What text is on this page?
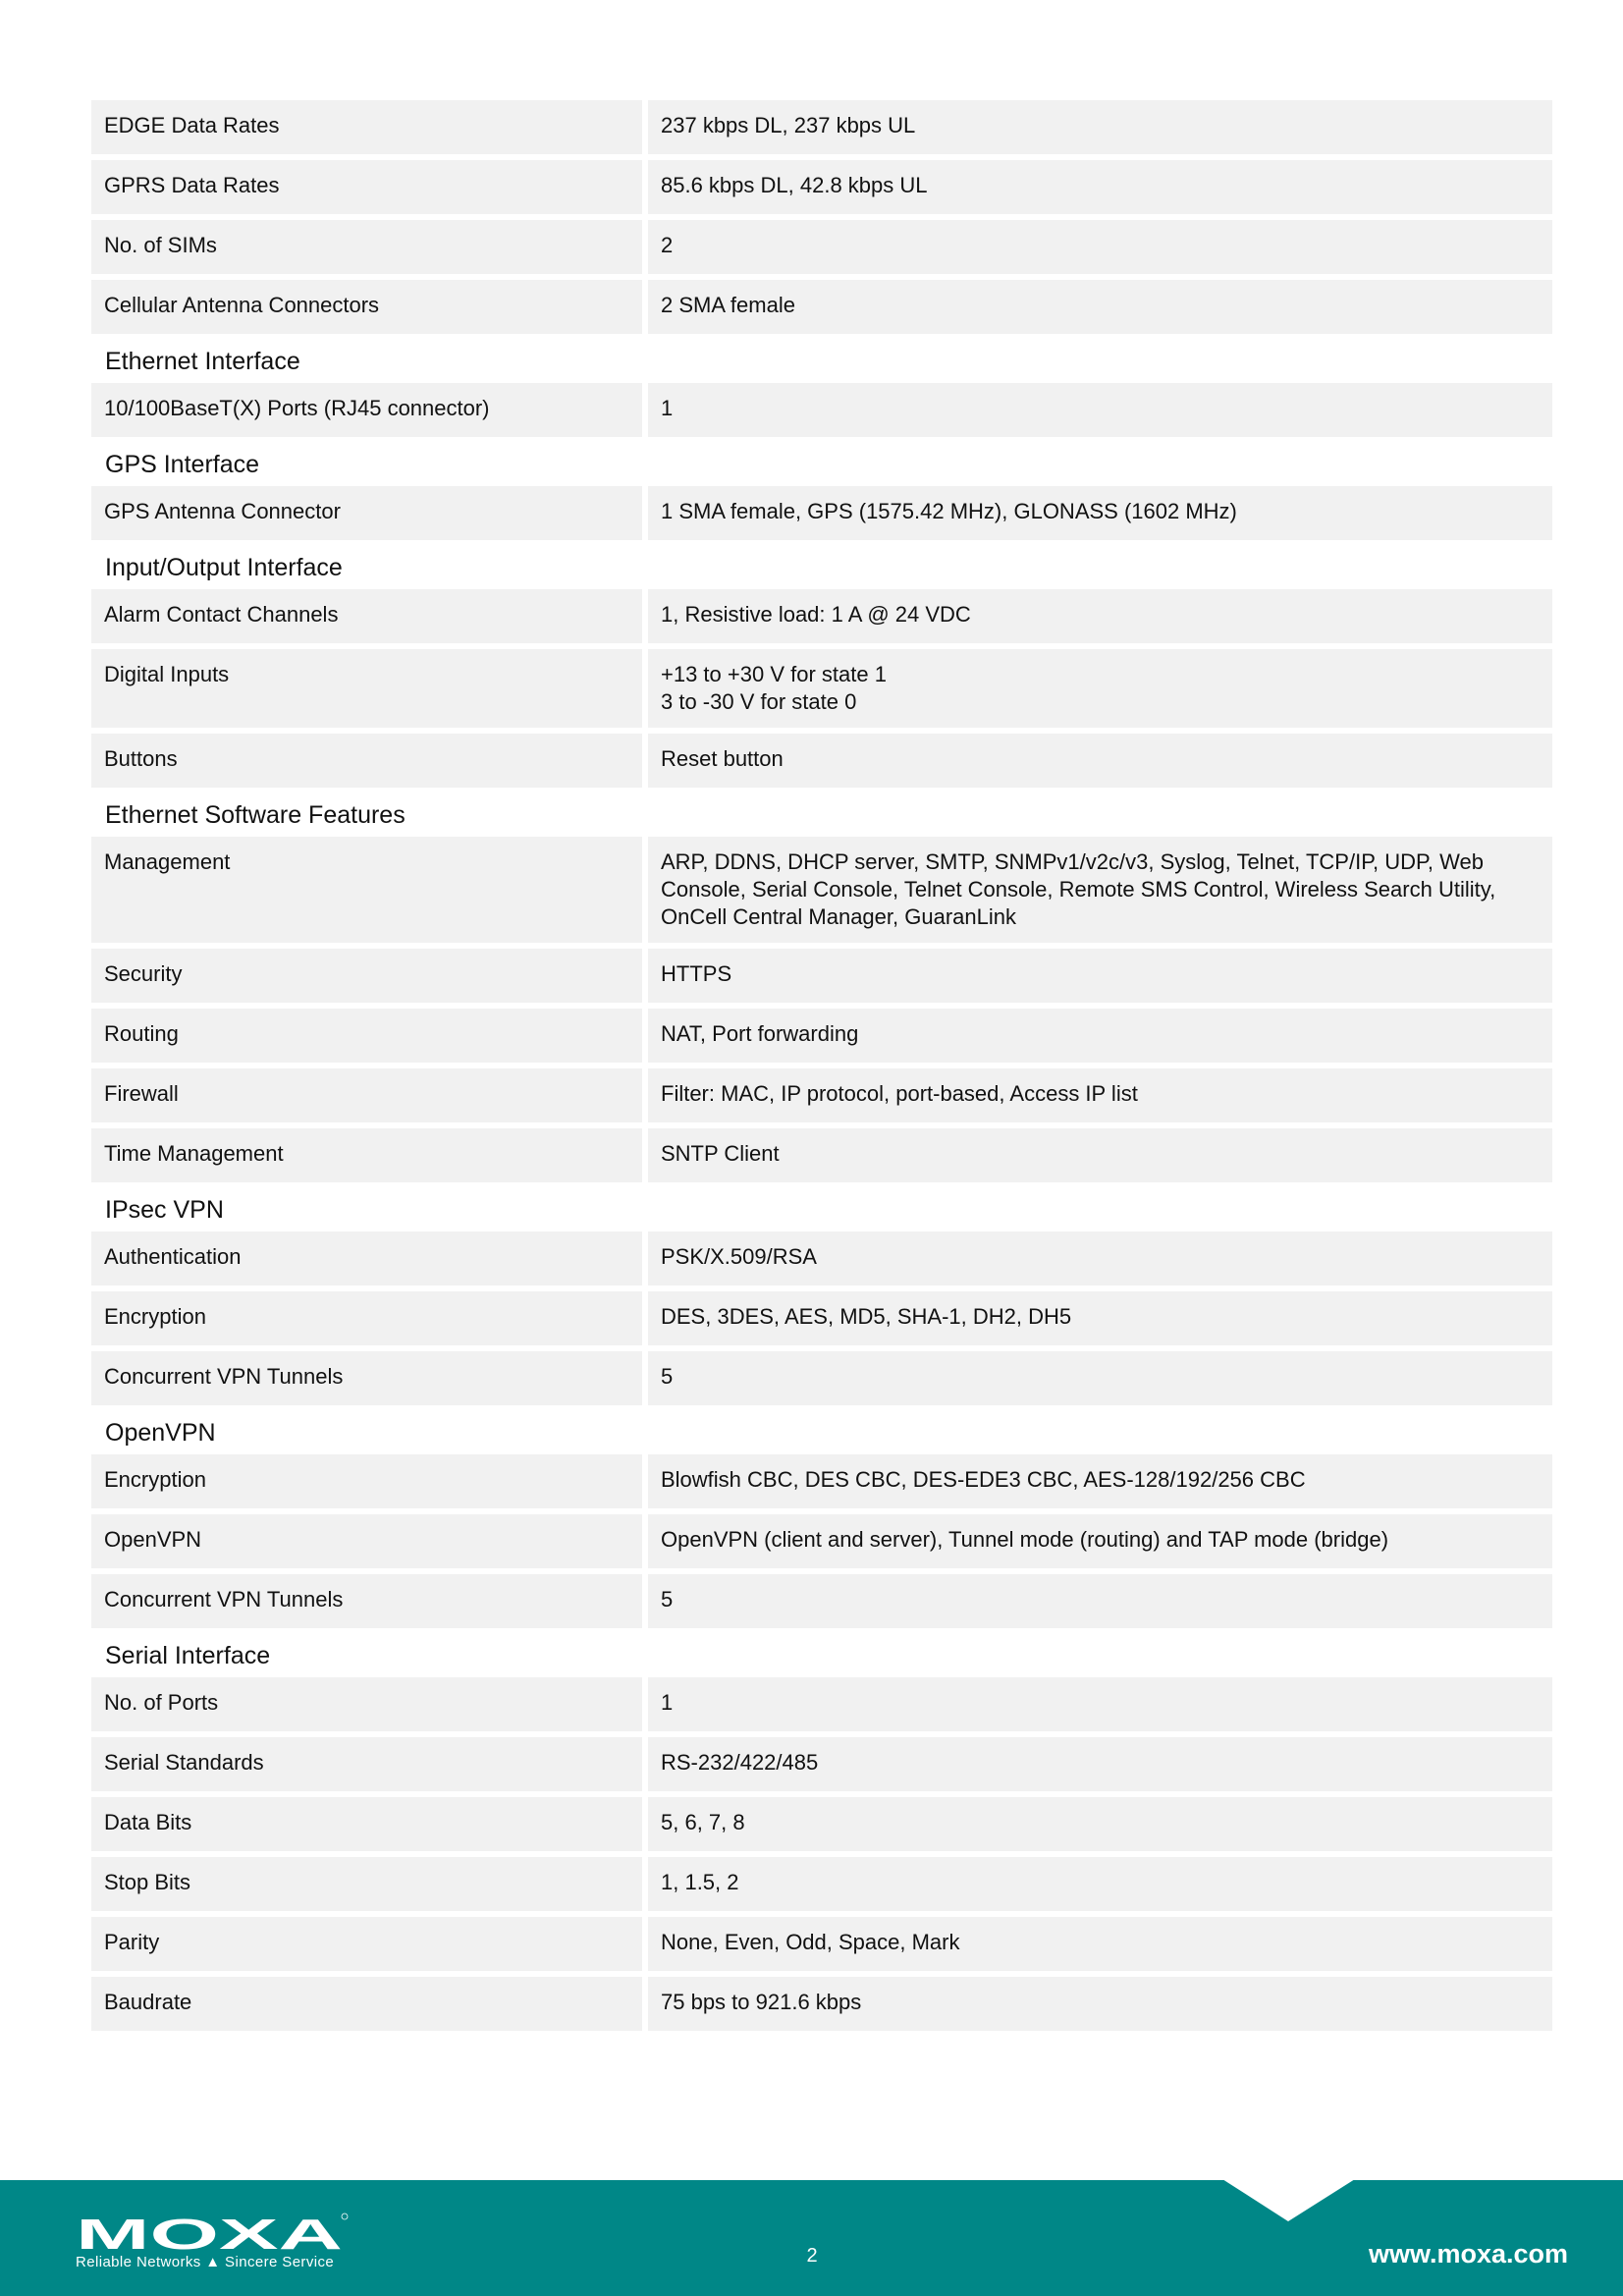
EDGE Data Rates	237 kbps DL, 237 kbps UL
GPRS Data Rates	85.6 kbps DL, 42.8 kbps UL
No. of SIMs	2
Cellular Antenna Connectors	2 SMA female
Ethernet Interface
10/100BaseT(X) Ports (RJ45 connector)	1
GPS Interface
GPS Antenna Connector	1 SMA female, GPS (1575.42 MHz), GLONASS (1602 MHz)
Input/Output Interface
Alarm Contact Channels	1, Resistive load: 1 A @ 24 VDC
Digital Inputs	+13 to +30 V for state 1
3 to -30 V for state 0
Buttons	Reset button
Ethernet Software Features
Management	ARP, DDNS, DHCP server, SMTP, SNMPv1/v2c/v3, Syslog, Telnet, TCP/IP, UDP, Web Console, Serial Console, Telnet Console, Remote SMS Control, Wireless Search Utility, OnCell Central Manager, GuaranLink
Security	HTTPS
Routing	NAT, Port forwarding
Firewall	Filter: MAC, IP protocol, port-based, Access IP list
Time Management	SNTP Client
IPsec VPN
Authentication	PSK/X.509/RSA
Encryption	DES, 3DES, AES, MD5, SHA-1, DH2, DH5
Concurrent VPN Tunnels	5
OpenVPN
Encryption	Blowfish CBC, DES CBC, DES-EDE3 CBC, AES-128/192/256 CBC
OpenVPN	OpenVPN (client and server), Tunnel mode (routing) and TAP mode (bridge)
Concurrent VPN Tunnels	5
Serial Interface
No. of Ports	1
Serial Standards	RS-232/422/485
Data Bits	5, 6, 7, 8
Stop Bits	1, 1.5, 2
Parity	None, Even, Odd, Space, Mark
Baudrate	75 bps to 921.6 kbps
MOXA
Reliable Networks ▲ Sincere Service	2	www.moxa.com
